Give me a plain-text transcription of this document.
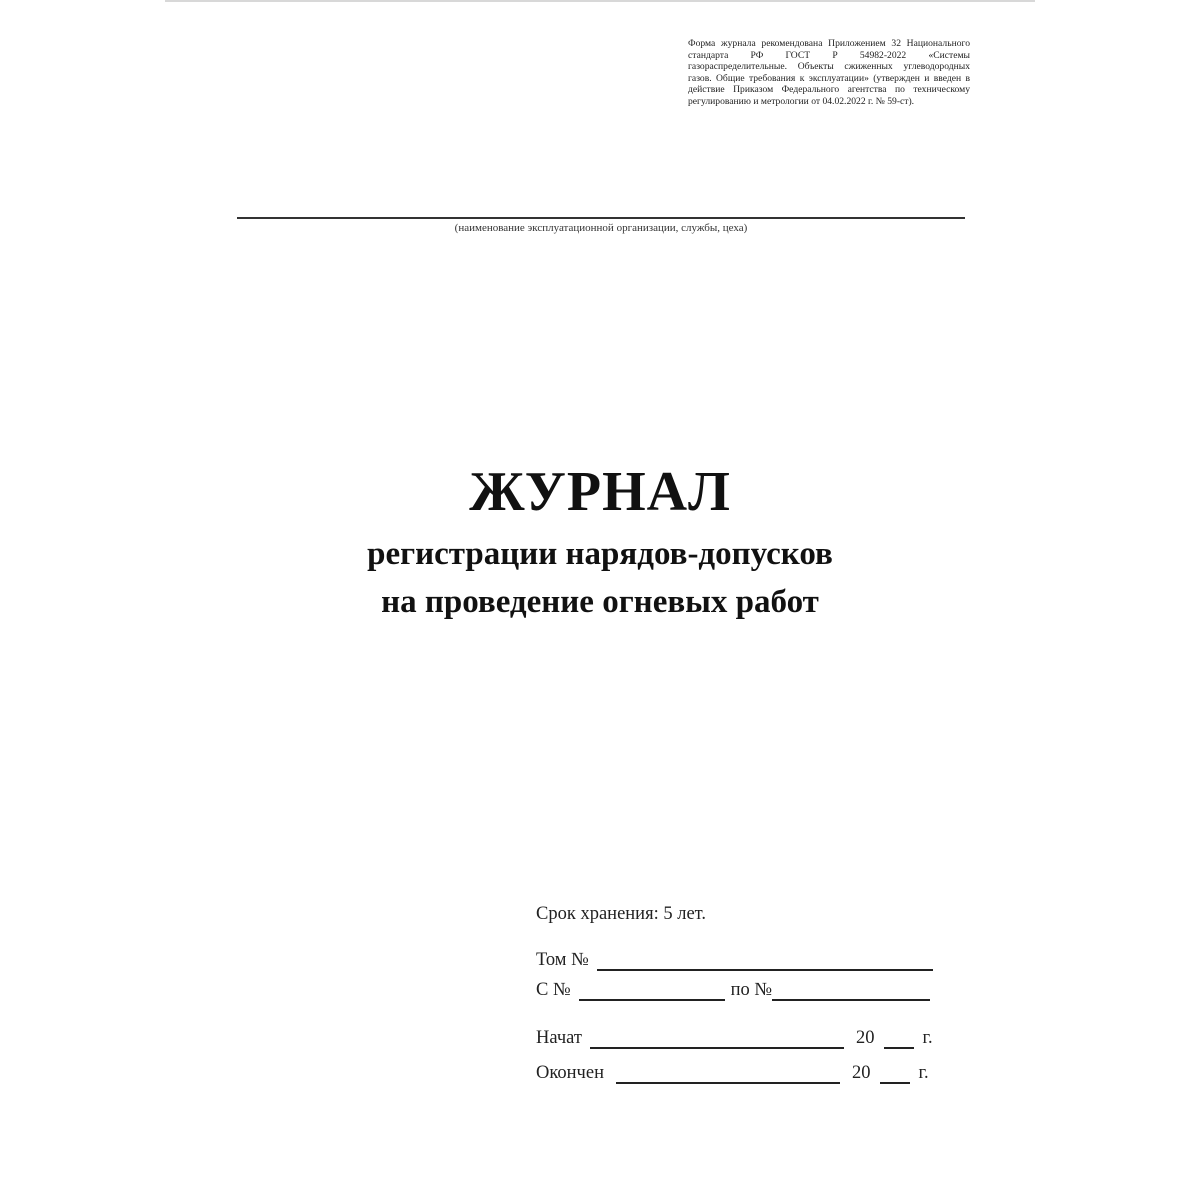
Форма журнала рекомендована Приложением 32 Национального стандарта РФ ГОСТ Р 54982-2022 «Системы газораспределительные. Объекты сжиженных углеводородных газов. Общие требования к эксплуатации» (утвержден и введен в действие Приказом Федерального агентства по техническому регулированию и метрологии от 04.02.2022 г. № 59-ст).
(наименование эксплуатационной организации, службы, цеха)
ЖУРНАЛ
регистрации нарядов-допусков
на проведение огневых работ
Срок хранения: 5 лет.
Том №
С №	по №
Начат	20	г.
Окончен	20	г.
